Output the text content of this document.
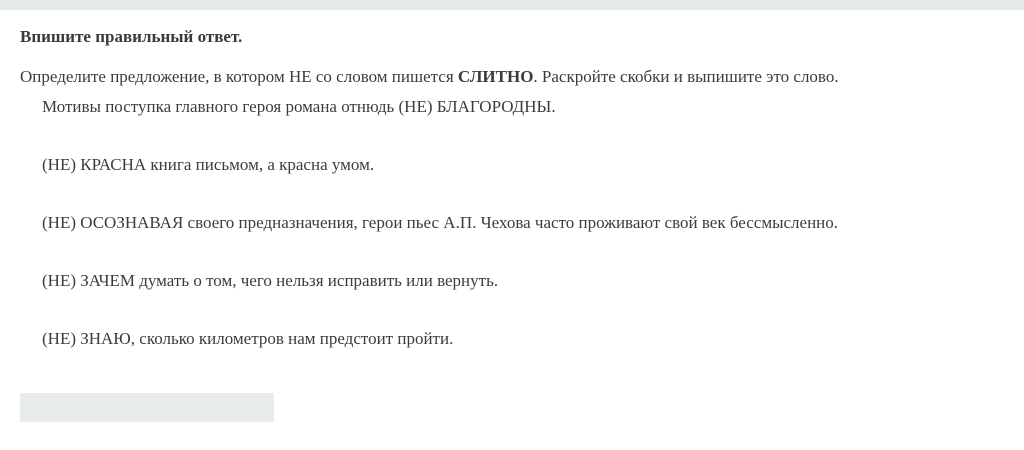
Впишите правильный ответ.

Определите предложение, в котором НЕ со словом пишется СЛИТНО. Раскройте скобки и выпишите это слово.

Мотивы поступка главного героя романа отнюдь (НЕ) БЛАГОРОДНЫ.
(НЕ) КРАСНА книга письмом, а красна умом.
(НЕ) ОСОЗНАВАЯ своего предназначения, герои пьес А.П. Чехова часто проживают свой век бессмысленно.
(НЕ) ЗАЧЕМ думать о том, чего нельзя исправить или вернуть.
(НЕ) ЗНАЮ, сколько километров нам предстоит пройти.
